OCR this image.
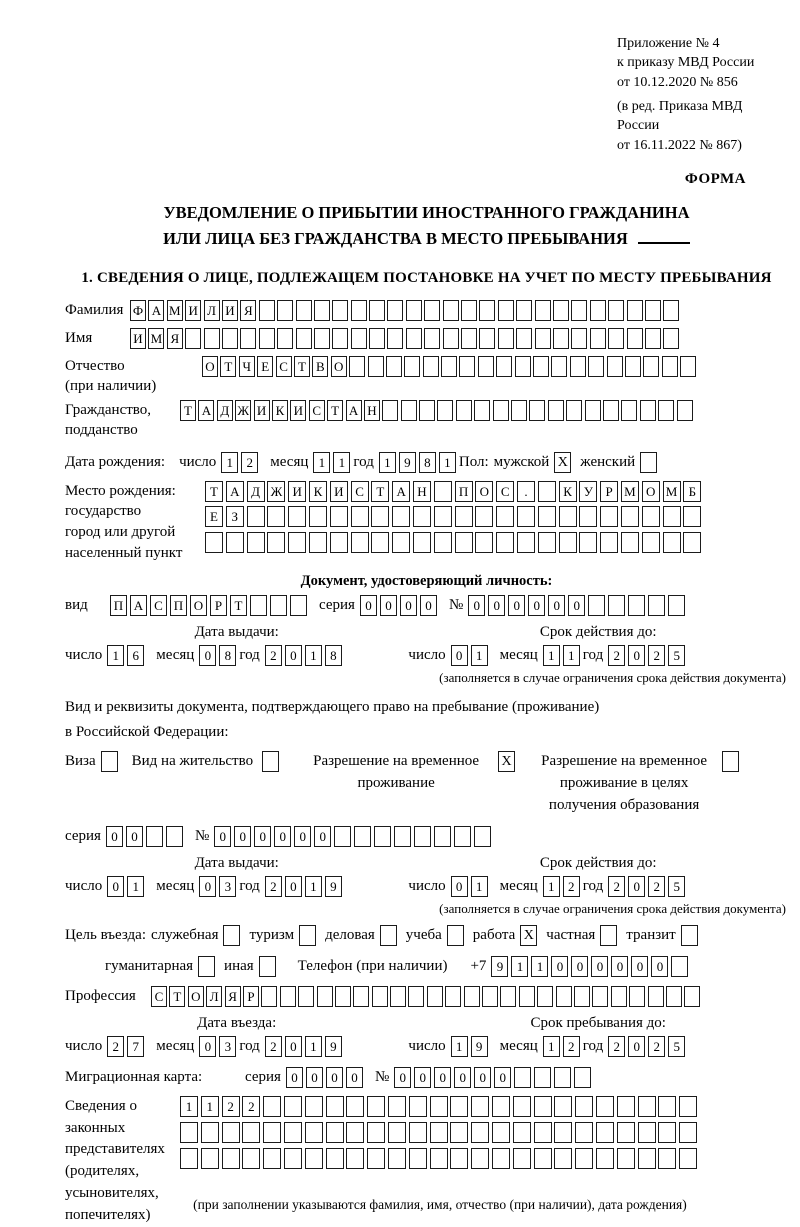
Приложение № 4
к приказу МВД России
от 10.12.2020 № 856
(в ред. Приказа МВД России
от 16.11.2022 № 867)
ФОРМА
УВЕДОМЛЕНИЕ О ПРИБЫТИИ ИНОСТРАННОГО ГРАЖДАНИНА
ИЛИ ЛИЦА БЕЗ ГРАЖДАНСТВА В МЕСТО ПРЕБЫВАНИЯ
1. СВЕДЕНИЯ О ЛИЦЕ, ПОДЛЕЖАЩЕМ ПОСТАНОВКЕ НА УЧЕТ ПО МЕСТУ ПРЕБЫВАНИЯ
Фамилия Ф А М И Л И Я
Имя	И М Я
Отчество
(при наличии)
О Т Ч Е С Т В О
Гражданство,
подданство
Т А Д Ж И К И С Т А Н
Дата рождения: число 1 2	месяц 1 1 год 1 9 8 1 Пол: мужской X женский
Место рождения:
государство
город или другой
населенный пункт
Т А Д Ж И К И С Т А Н П О С .	К У Р М О М Б
Е З
Документ, удостоверяющий личность:
вид	П А С П О Р Т	серия 0 0 0 0	№ 0 0 0 0 0 0
Дата выдачи:
число 1 6	месяц 0 8 год 2 0 1 8
Срок действия до:
число 0 1	месяц 1 1 год 2 0 2 5
(заполняется в случае ограничения срока действия документа)
Вид и реквизиты документа, подтверждающего право на пребывание (проживание)
в Российской Федерации:
Виза Вид на жительство	Разрешение на временное проживание
X	Разрешение на временное проживание в целях получения образования
серия 0 0	№ 0 0 0 0 0 0
Дата выдачи:
число 0 1	месяц 0 3 год 2 0 1 9
Срок действия до:
число 0 1	месяц 1 2 год 2 0 2 5
(заполняется в случае ограничения срока действия документа)
Цель въезда: служебная туризм деловая учеба работа X частная транзит
гуманитарная иная	Телефон (при наличии) +7 9 1 1 0 0 0 0 0 0
Профессия	С Т О Л Я Р
Дата въезда:
число 2 7	месяц 0 3 год 2 0 1 9
Срок пребывания до:
число 1 9	месяц 1 2 год 2 0 2 5
Миграционная карта:	серия 0 0 0 0	№ 0 0 0 0 0 0
Сведения о
законных
представителях
(родителях,
усыновителях,
попечителях)
1 1 2 2
(при заполнении указываются фамилия, имя, отчество (при наличии), дата рождения)
